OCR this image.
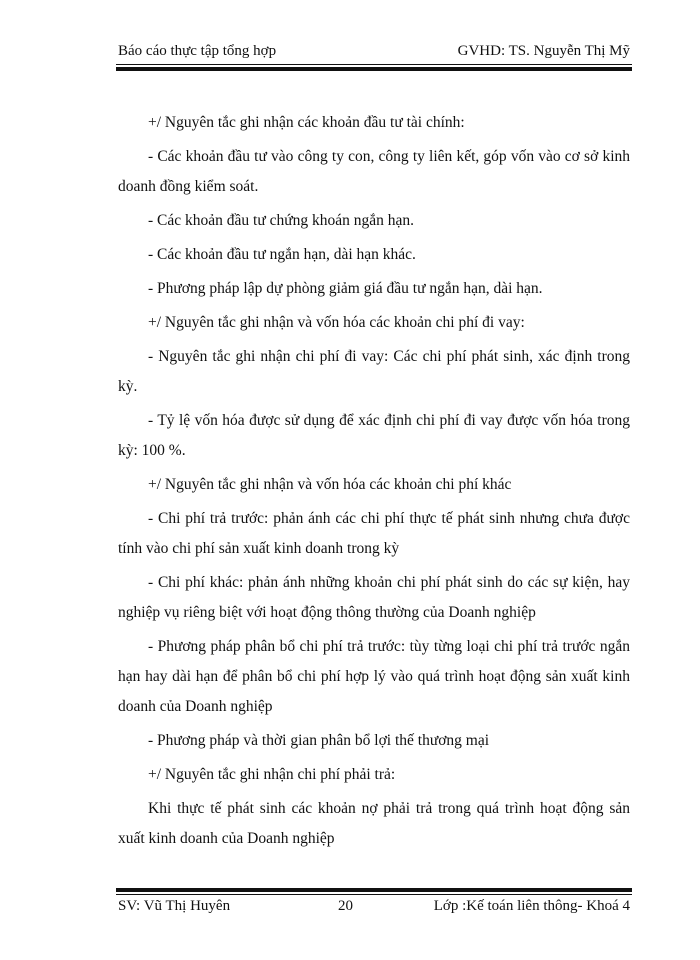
Báo cáo thực tập tổng hợp	GVHD: TS. Nguyễn Thị Mỹ

+/ Nguyên tắc ghi nhận các khoản đầu tư tài chính:

- Các khoản đầu tư vào công ty con, công ty liên kết, góp vốn vào cơ sở kinh doanh đồng kiểm soát.

- Các khoản đầu tư chứng khoán ngắn hạn.

- Các khoản đầu tư ngắn hạn, dài hạn khác.

- Phương pháp lập dự phòng giảm giá đầu tư ngắn hạn, dài hạn.

+/ Nguyên tắc ghi nhận và vốn hóa các khoản chi phí đi vay:

- Nguyên tắc ghi nhận chi phí đi vay: Các chi phí phát sinh, xác định trong kỳ.

- Tỷ lệ vốn hóa được sử dụng để xác định chi phí đi vay được vốn hóa trong kỳ: 100 %.

+/ Nguyên tắc ghi nhận và vốn hóa các khoản chi phí khác

- Chi phí trả trước: phản ánh các chi phí thực tế phát sinh nhưng chưa được tính vào chi phí sản xuất kinh doanh trong kỳ

- Chi phí khác: phản ánh những khoản chi phí phát sinh do các sự kiện, hay nghiệp vụ riêng biệt với hoạt động thông thường của Doanh nghiệp

- Phương pháp phân bổ chi phí trả trước: tùy từng loại chi phí trả trước ngắn hạn hay dài hạn để phân bổ chi phí hợp lý vào quá trình hoạt động sản xuất kinh doanh của Doanh nghiệp

- Phương pháp và thời gian phân bổ lợi thế thương mại

+/ Nguyên tắc ghi nhận chi phí phải trả:

Khi thực tế phát sinh các khoản nợ phải trả trong quá trình hoạt động sản xuất kinh doanh của Doanh nghiệp

SV: Vũ Thị Huyên	20	Lớp :Kế toán liên thông- Khoá 4
